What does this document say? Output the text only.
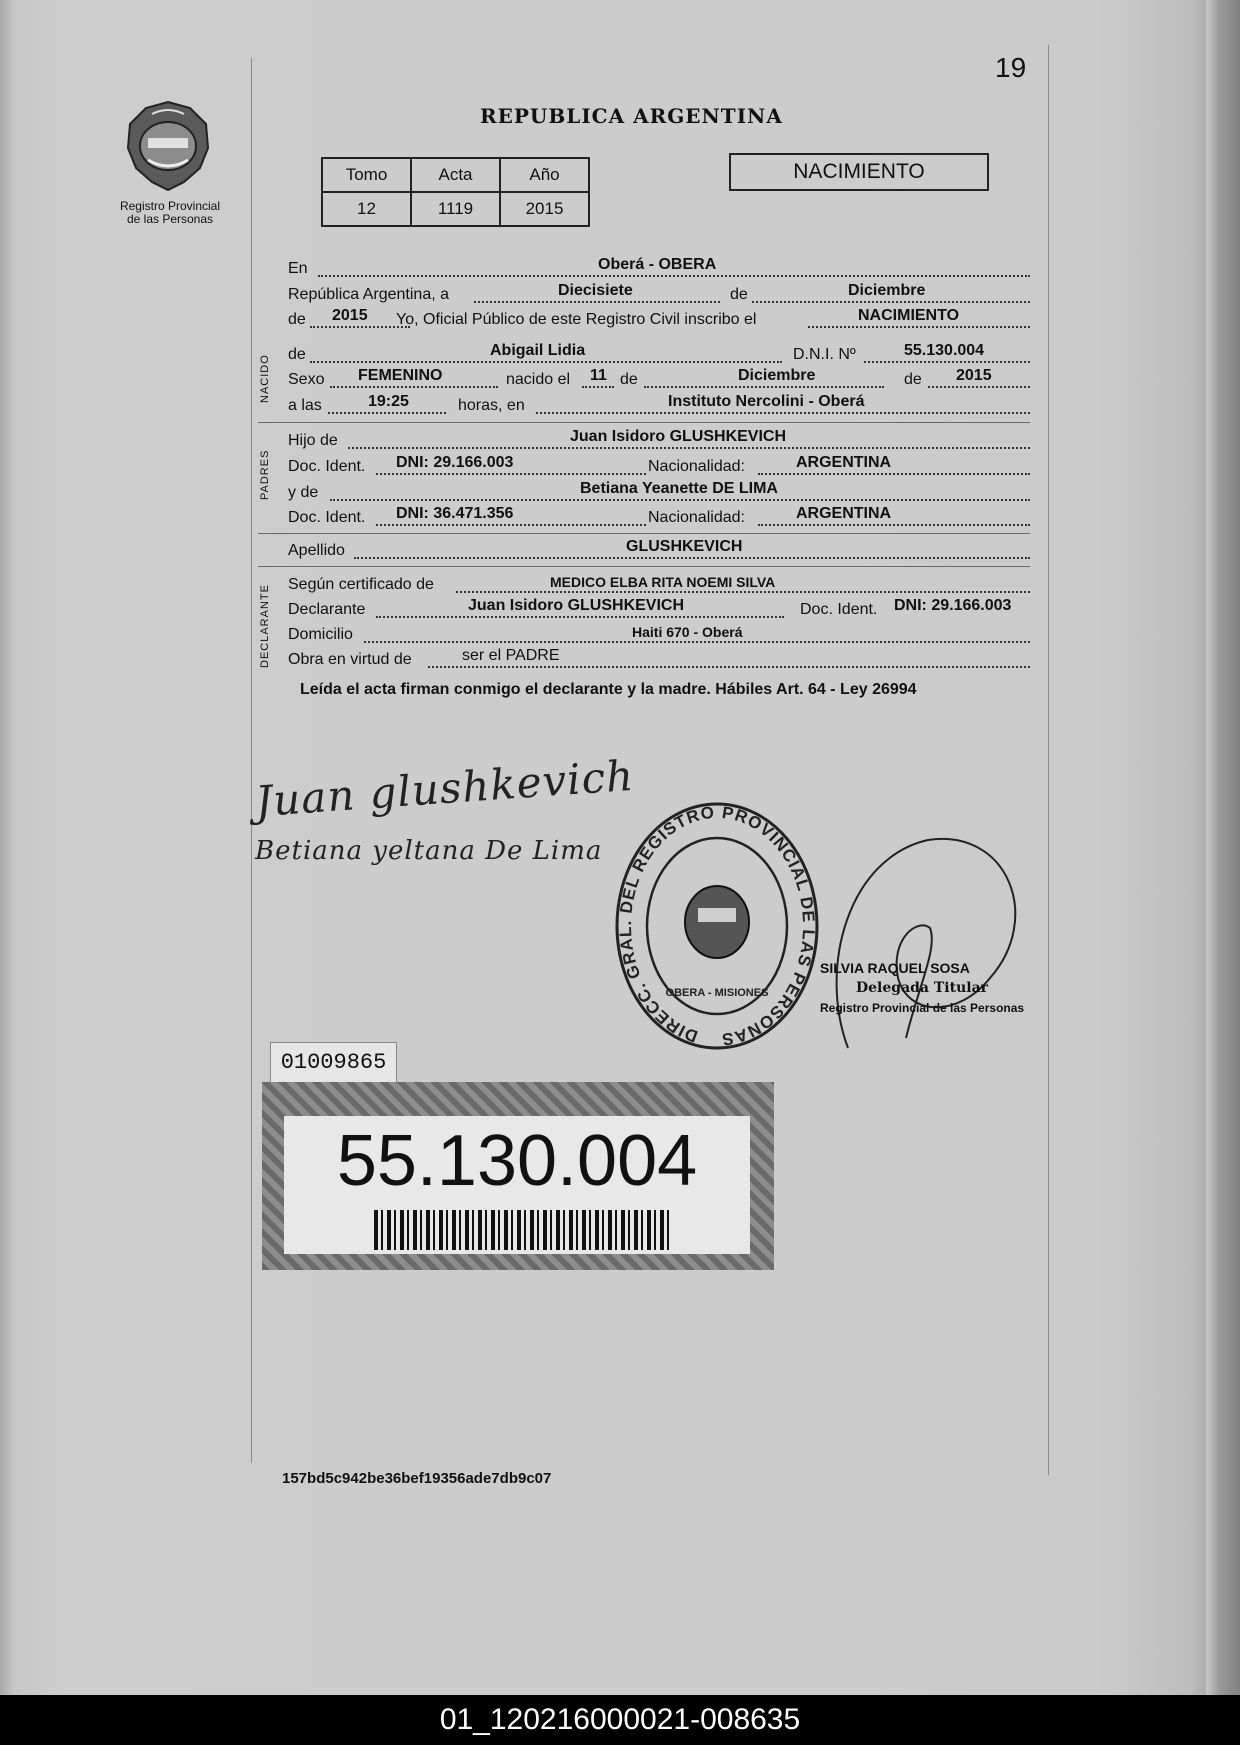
19
Registro Provincial
de las Personas
REPUBLICA ARGENTINA
Tomo	Acta	Año
12	1119	2015
NACIMIENTO
NACIDO
PADRES
DECLARANTE
En	Oberá - OBERA
República Argentina, a	Diecisiete	de	Diciembre
de 2015 Yo, Oficial Público de este Registro Civil inscribo el	NACIMIENTO
de	Abigail Lidia	D.N.I. Nº	55.130.004
Sexo FEMENINO	nacido el 11 de	Diciembre	de 2015
a las	19:25	horas, en	Instituto Nercolini - Oberá
Hijo de	Juan Isidoro GLUSHKEVICH
Doc. Ident. DNI: 29.166.003	Nacionalidad:	ARGENTINA
y de	Betiana Yeanette DE LIMA
Doc. Ident. DNI: 36.471.356	Nacionalidad:	ARGENTINA
Apellido	GLUSHKEVICH
Según certificado de	MEDICO ELBA RITA NOEMI SILVA
Declarante	Juan Isidoro GLUSHKEVICH	Doc. Ident. DNI: 29.166.003
Domicilio	Haiti 670 - Oberá
Obra en virtud de	ser el PADRE
Leída el acta firman conmigo el declarante y la madre. Hábiles Art. 64 - Ley 26994
Juan glushkevich
Betiana yeltana De Lima
DIRECC. GRAL. DEL REGISTRO PROVINCIAL DE LAS PERSONAS
OBERA - MISIONES
SILVIA RAQUEL SOSA
Delegada Titular
Registro Provincial de las Personas
01009865
55.130.004
157bd5c942be36bef19356ade7db9c07
01_120216000021-008635
